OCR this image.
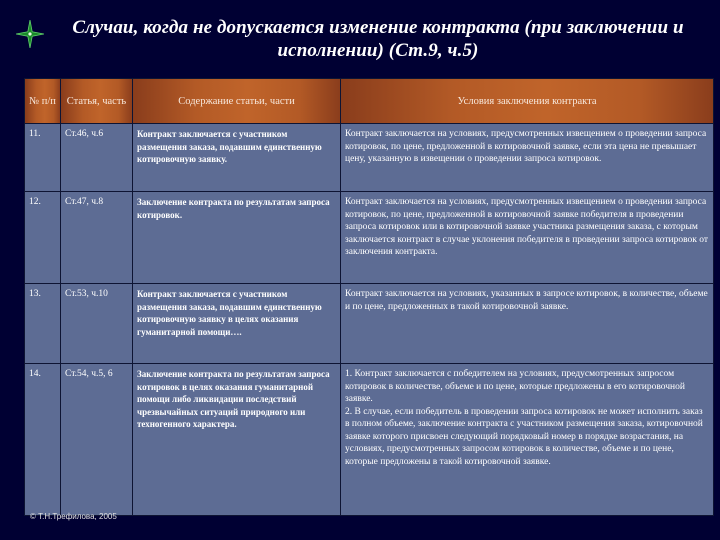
Случаи, когда не допускается изменение контракта (при заключении и исполнении) (Ст.9, ч.5)
№ п/п	Статья, часть	Содержание статьи, части	Условия заключения контракта
11.	Ст.46, ч.6	Контракт заключается с участником размещения заказа, подавшим единственную котировочную заявку.	Контракт заключается на условиях, предусмотренных извещением о проведении запроса котировок, по цене, предложенной в котировочной заявке, если эта цена не превышает цену, указанную в извещении о проведении запроса котировок.
12.	Ст.47, ч.8	Заключение контракта по результатам запроса котировок.	Контракт заключается на условиях, предусмотренных извещением о проведении запроса котировок, по цене, предложенной в котировочной заявке победителя в проведении запроса котировок или в котировочной заявке участника размещения заказа, с которым заключается контракт в случае уклонения победителя в проведении запроса котировок от заключения контракта.
13.	Ст.53, ч.10	Контракт заключается с участником размещения заказа, подавшим единственную котировочную заявку в целях оказания гуманитарной помощи….	Контракт заключается на условиях, указанных в запросе котировок, в количестве, объеме и по цене, предложенных в такой котировочной заявке.
14.	Ст.54, ч.5, 6	Заключение контракта по результатам запроса котировок в целях оказания гуманитарной помощи либо ликвидации последствий чрезвычайных ситуаций природного или техногенного характера.	1. Контракт заключается с победителем на условиях, предусмотренных запросом котировок в количестве, объеме и по цене, которые предложены в его котировочной заявке.
2. В случае, если победитель в проведении запроса котировок не может исполнить заказ в полном объеме, заключение контракта с участником размещения заказа, котировочной заявке которого присвоен следующий порядковый номер в порядке возрастания, на условиях, предусмотренных запросом котировок в количестве, объеме и по цене, которые предложены в такой котировочной заявке.
© Т.Н.Трефилова, 2005
